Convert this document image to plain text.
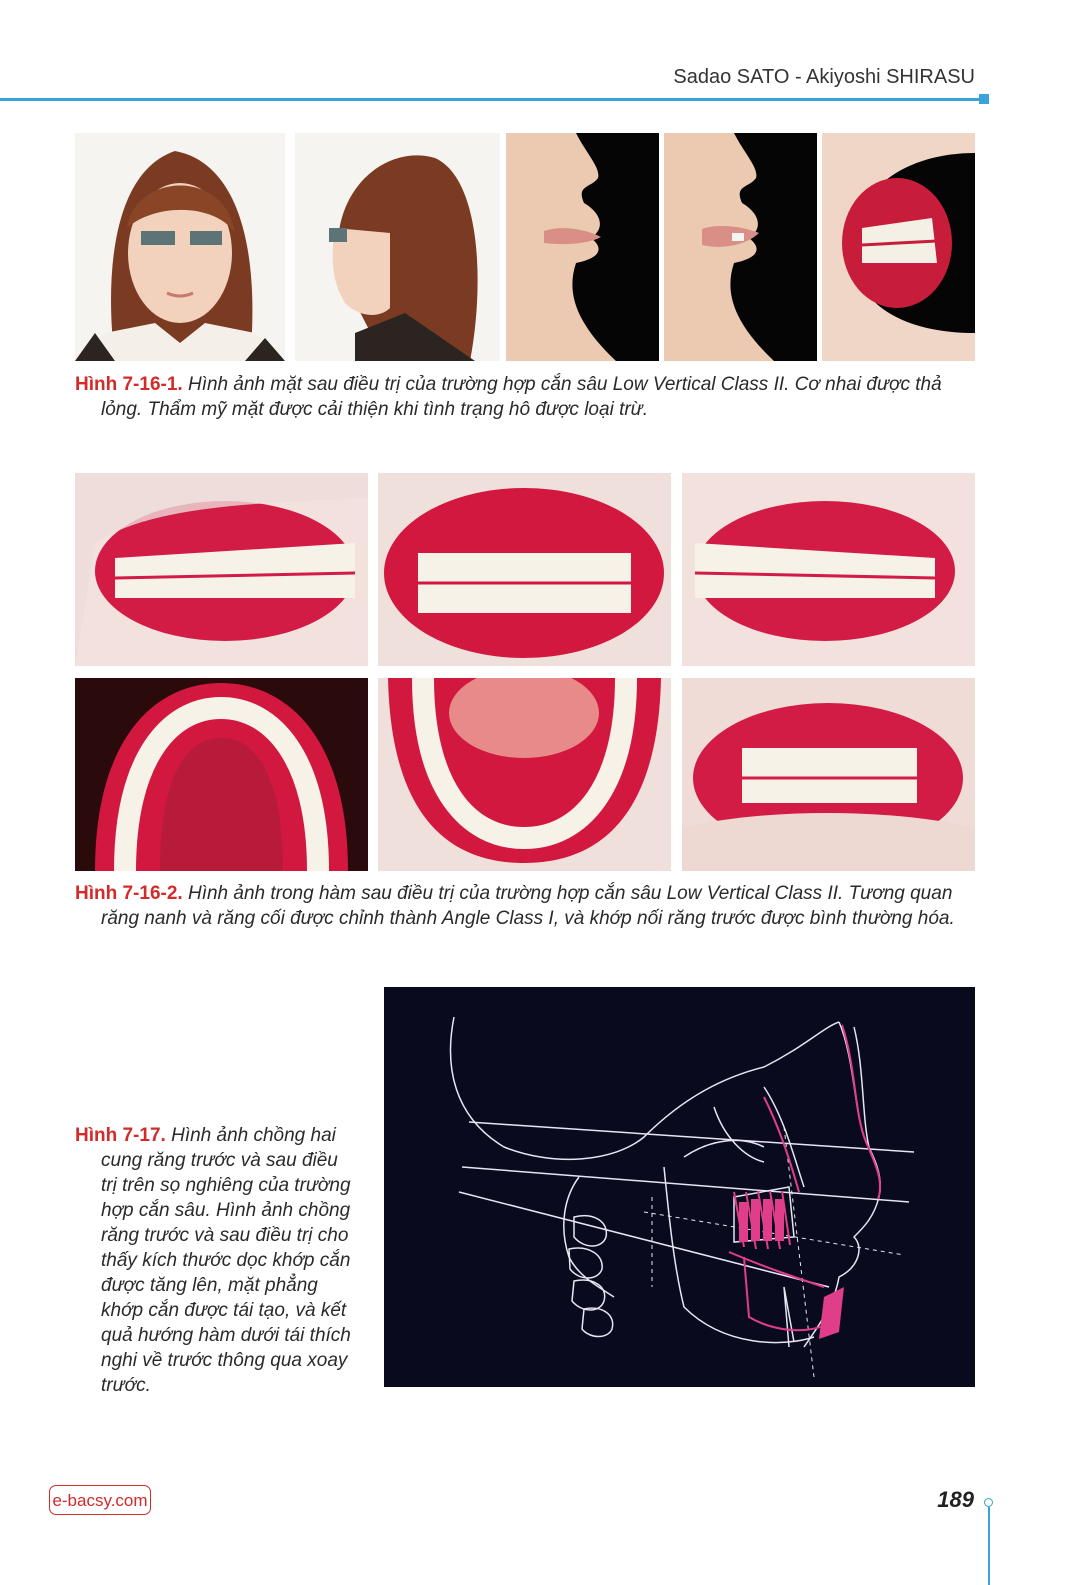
Sadao SATO - Akiyoshi SHIRASU
Hình 7-16-1. Hình ảnh mặt sau điều trị của trường hợp cắn sâu Low Vertical Class II. Cơ nhai được thả
lỏng. Thẩm mỹ mặt được cải thiện khi tình trạng hô được loại trừ.
Hình 7-16-2. Hình ảnh trong hàm sau điều trị của trường hợp cắn sâu Low Vertical Class II. Tương quan
răng nanh và răng cối được chỉnh thành Angle Class I, và khớp nối răng trước được bình thường hóa.
Hình 7-17. Hình ảnh chồng hai
cung răng trước và sau điều
trị trên sọ nghiêng của trường
hợp cắn sâu. Hình ảnh chồng
răng trước và sau điều trị cho
thấy kích thước dọc khớp cắn
được tăng lên, mặt phẳng
khớp cắn được tái tạo, và kết
quả hướng hàm dưới tái thích
nghi về trước thông qua xoay
trước.
e-bacsy.com	189
